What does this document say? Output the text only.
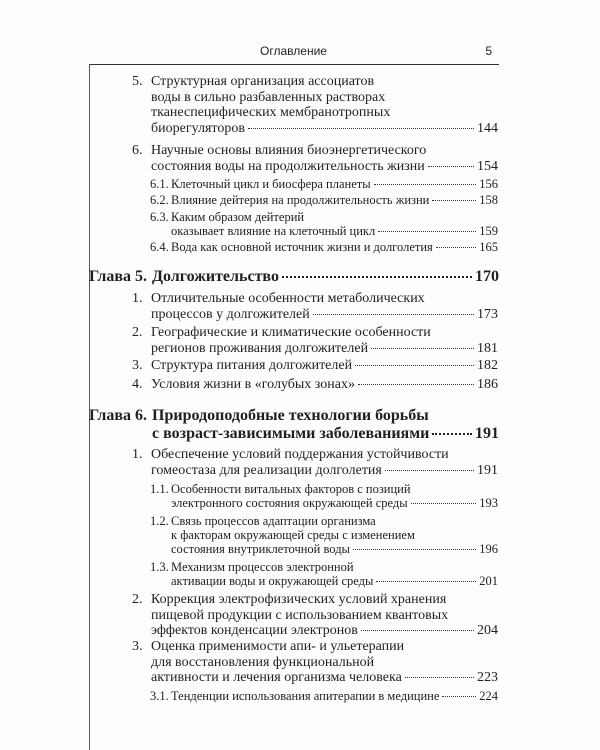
Оглавление	5
5. Структурная организация ассоциатов
воды в сильно разбавленных растворах
тканеспецифических мембранотропных
биорегуляторов	144
6. Научные основы влияния биоэнергетического
состояния воды на продолжительность жизни	154
6.1. Клеточный цикл и биосфера планеты	156
6.2. Влияние дейтерия на продолжительность жизни	158
6.3. Каким образом дейтерий
оказывает влияние на клеточный цикл	159
6.4. Вода как основной источник жизни и долголетия	165
Глава 5. Долгожительство	170
1. Отличительные особенности метаболических
процессов у долгожителей	173
2. Географические и климатические особенности
регионов проживания долгожителей	181
3. Структура питания долгожителей	182
4. Условия жизни в «голубых зонах»	186
Глава 6. Природоподобные технологии борьбы
с возраст-зависимыми заболеваниями	191
1. Обеспечение условий поддержания устойчивости
гомеостаза для реализации долголетия	191
1.1. Особенности витальных факторов с позиций
электронного состояния окружающей среды	193
1.2. Связь процессов адаптации организма
к факторам окружающей среды с изменением
состояния внутриклеточной воды	196
1.3. Механизм процессов электронной
активации воды и окружающей среды	201
2. Коррекция электрофизических условий хранения
пищевой продукции с использованием квантовых
эффектов конденсации электронов	204
3. Оценка применимости апи- и ульетерапии
для восстановления функциональной
активности и лечения организма человека	223
3.1. Тенденции использования апитерапии в медицине	224
